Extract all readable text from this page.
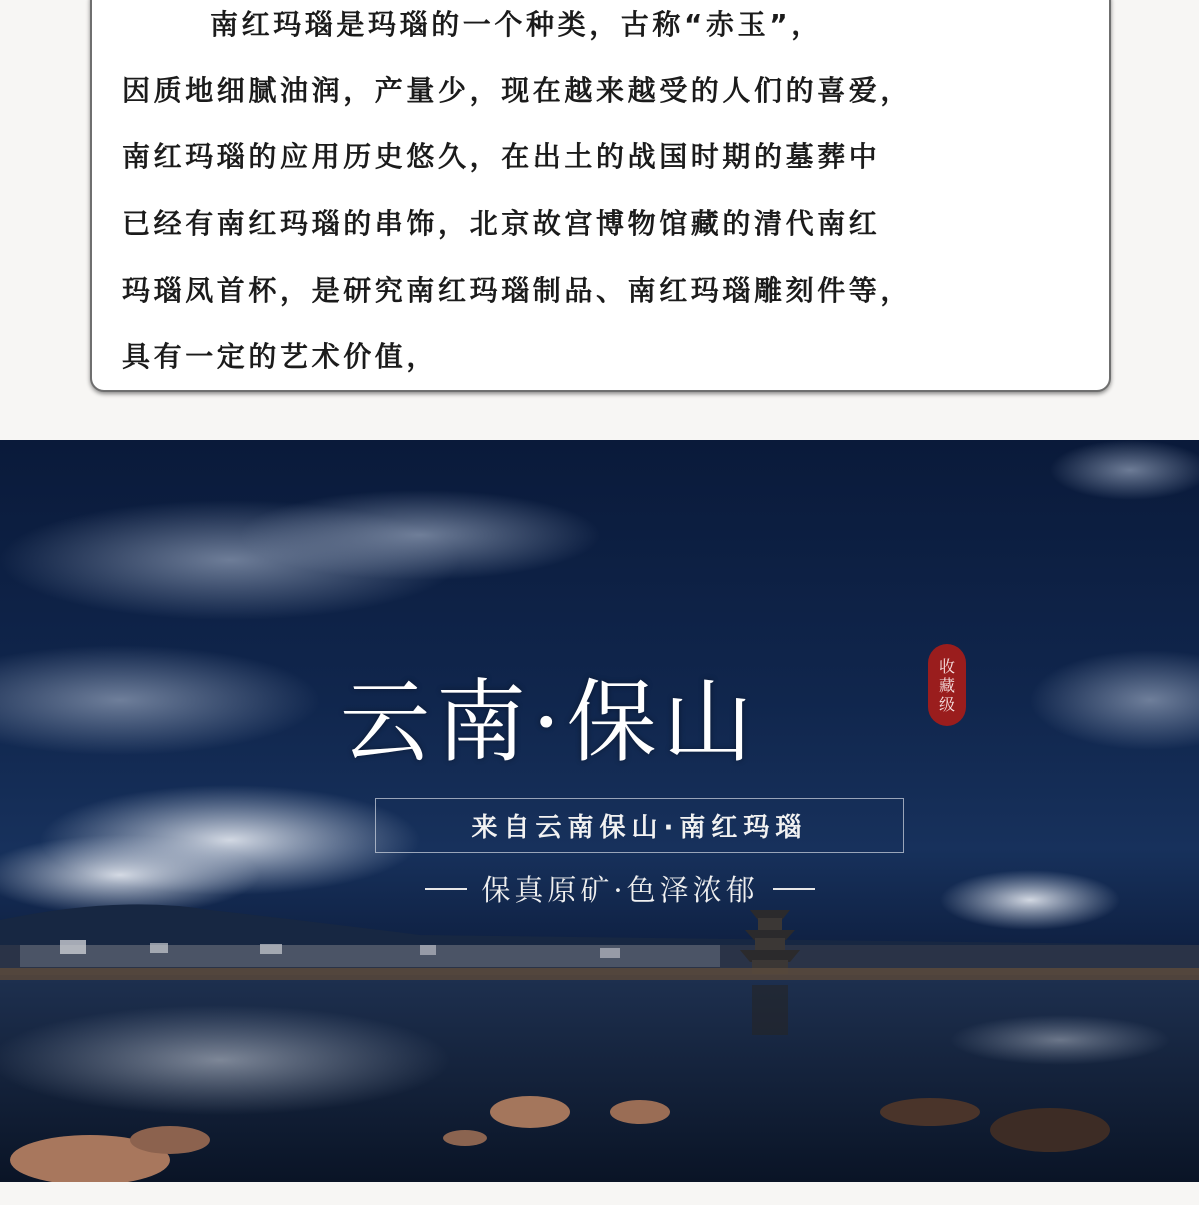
南红玛瑙是玛瑙的一个种类，古称“赤玉”，

因质地细腻油润，产量少，现在越来越受的人们的喜爱，

南红玛瑙的应用历史悠久，在出土的战国时期的墓葬中

已经有南红玛瑙的串饰，北京故宫博物馆藏的清代南红

玛瑙凤首杯，是研究南红玛瑙制品、南红玛瑙雕刻件等，

具有一定的艺术价值，

云南·保山
收藏级
来自云南保山·南红玛瑙
保真原矿·色泽浓郁
